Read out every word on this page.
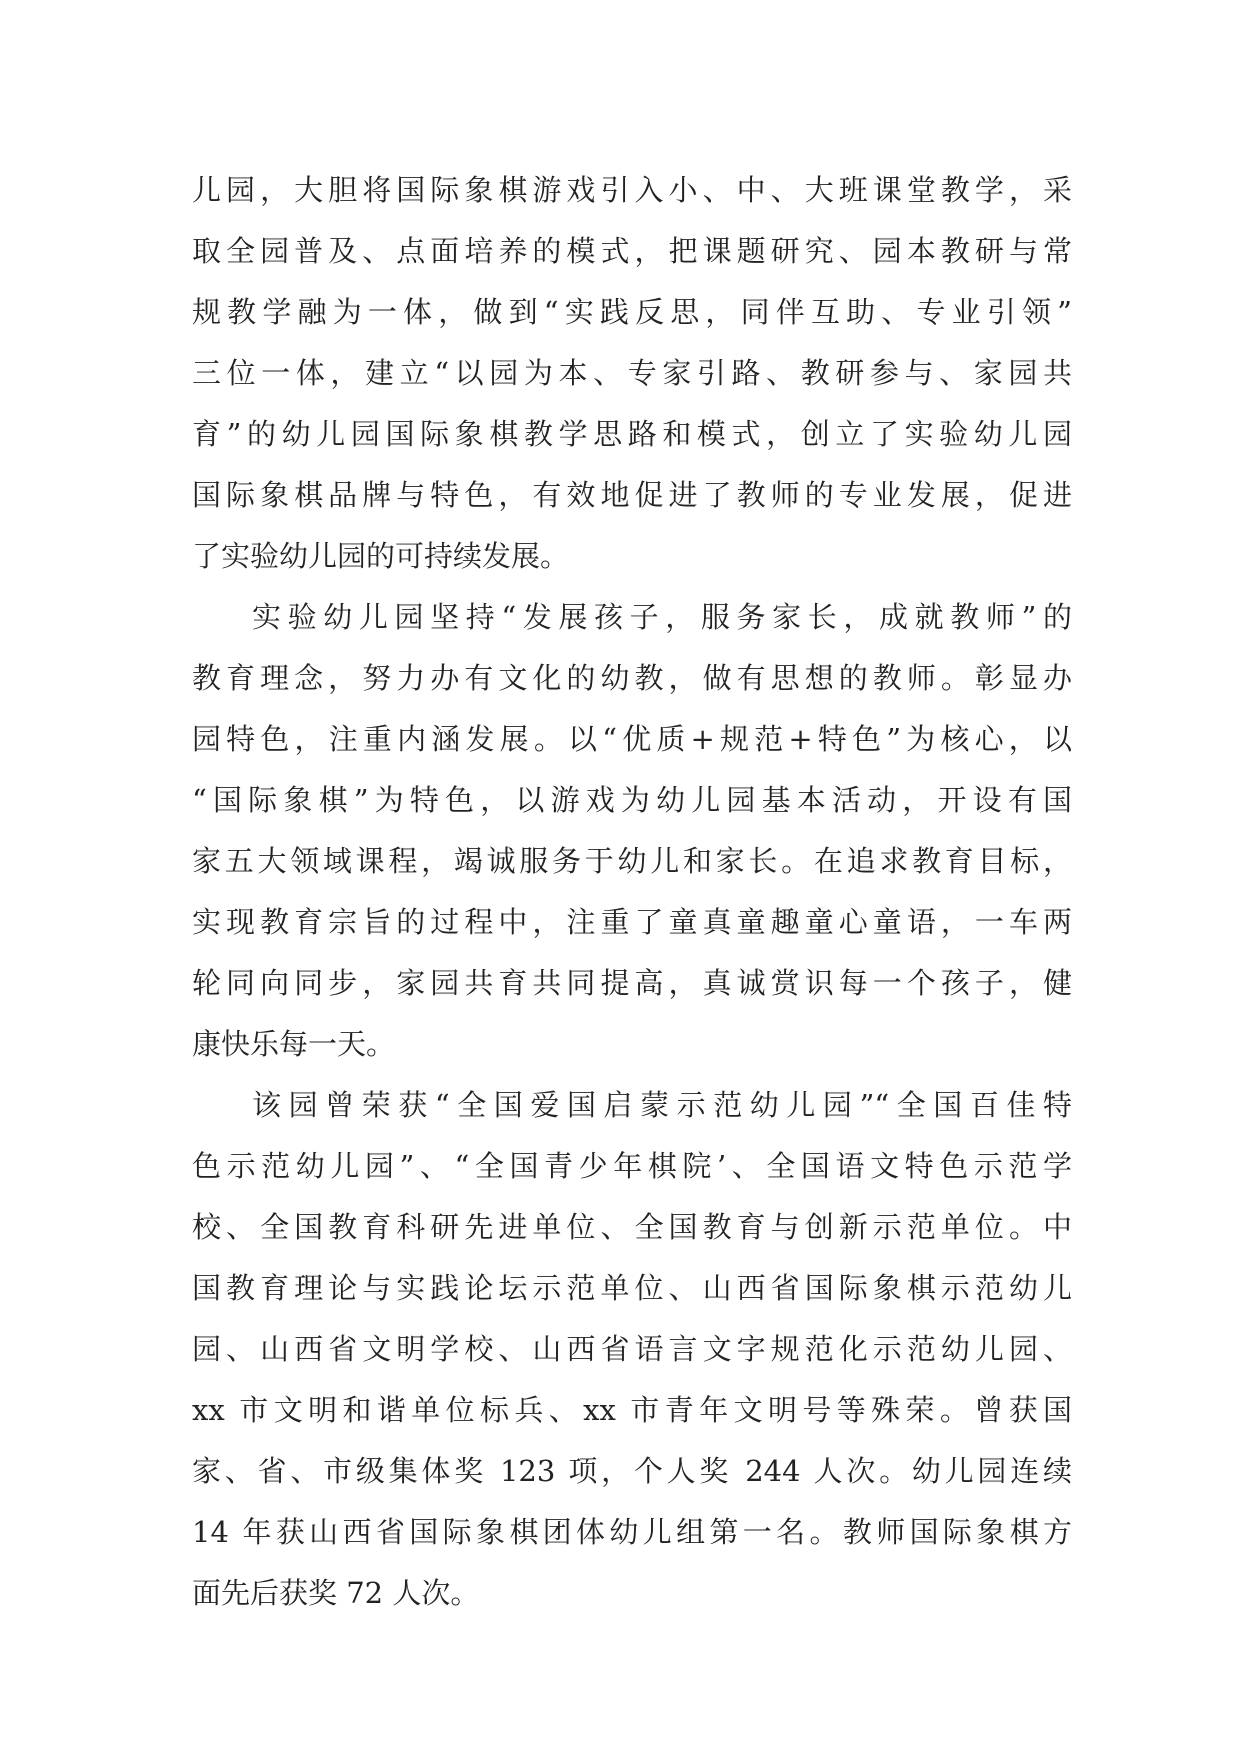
儿园，大胆将国际象棋游戏引入小、中、大班课堂教学，采
取全园普及、点面培养的模式，把课题研究、园本教研与常
规教学融为一体，做到“实践反思，同伴互助、专业引领”
三位一体，建立“以园为本、专家引路、教研参与、家园共
育”的幼儿园国际象棋教学思路和模式，创立了实验幼儿园
国际象棋品牌与特色，有效地促进了教师的专业发展，促进
了实验幼儿园的可持续发展。
实验幼儿园坚持“发展孩子，服务家长，成就教师”的
教育理念，努力办有文化的幼教，做有思想的教师。彰显办
园特色，注重内涵发展。以“优质+规范+特色”为核心，以
“国际象棋”为特色，以游戏为幼儿园基本活动，开设有国
家五大领域课程，竭诚服务于幼儿和家长。在追求教育目标，
实现教育宗旨的过程中，注重了童真童趣童心童语，一车两
轮同向同步，家园共育共同提高，真诚赏识每一个孩子，健
康快乐每一天。
该园曾荣获“全国爱国启蒙示范幼儿园”“全国百佳特
色示范幼儿园”、“全国青少年棋院’、全国语文特色示范学
校、全国教育科研先进单位、全国教育与创新示范单位。中
国教育理论与实践论坛示范单位、山西省国际象棋示范幼儿
园、山西省文明学校、山西省语言文字规范化示范幼儿园、
xx 市文明和谐单位标兵、xx 市青年文明号等殊荣。曾获国
家、省、市级集体奖 123 项，个人奖 244 人次。幼儿园连续
14 年获山西省国际象棋团体幼儿组第一名。教师国际象棋方
面先后获奖 72 人次。
